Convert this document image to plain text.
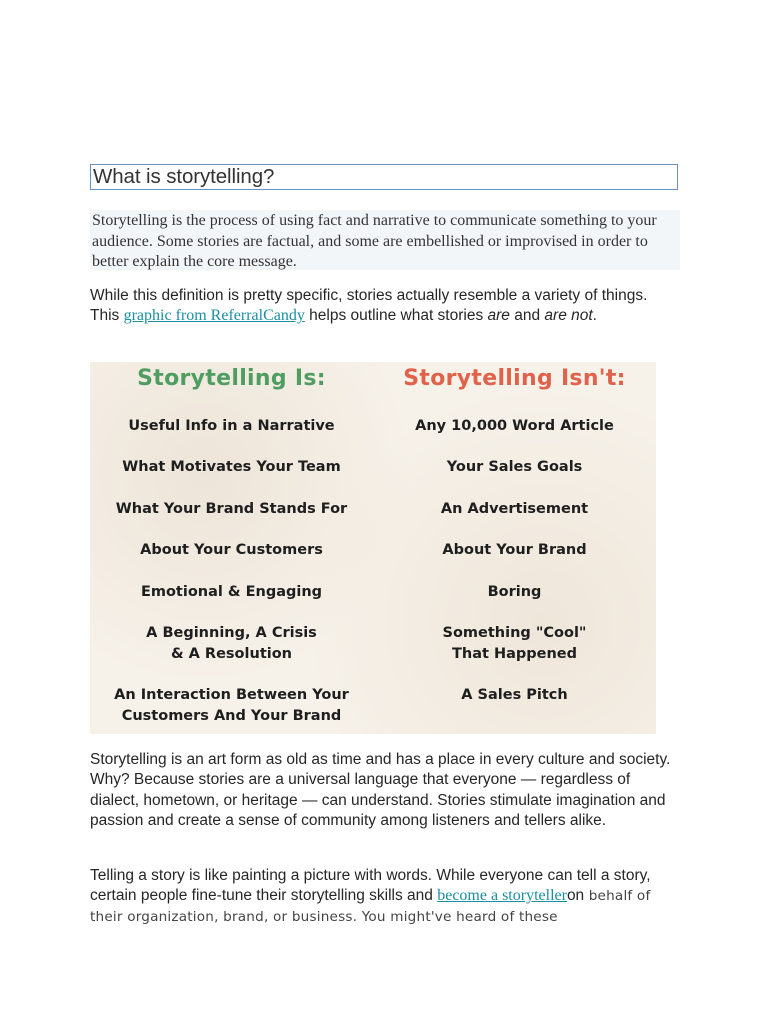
What is storytelling?
Storytelling is the process of using fact and narrative to communicate something to your audience. Some stories are factual, and some are embellished or improvised in order to better explain the core message.

While this definition is pretty specific, stories actually resemble a variety of things. This graphic from ReferralCandy helps outline what stories are and are not.

Storytelling Is:
Useful Info in a Narrative
What Motivates Your Team
What Your Brand Stands For
About Your Customers
Emotional & Engaging
A Beginning, A Crisis
& A Resolution
An Interaction Between Your
Customers And Your Brand
Storytelling Isn't:
Any 10,000 Word Article
Your Sales Goals
An Advertisement
About Your Brand
Boring
Something "Cool"
That Happened
A Sales Pitch

Storytelling is an art form as old as time and has a place in every culture and society. Why? Because stories are a universal language that everyone — regardless of dialect, hometown, or heritage — can understand. Stories stimulate imagination and passion and create a sense of community among listeners and tellers alike.

Telling a story is like painting a picture with words. While everyone can tell a story, certain people fine-tune their storytelling skills and become a storytelleron behalf of their organization, brand, or business. You might've heard of these
